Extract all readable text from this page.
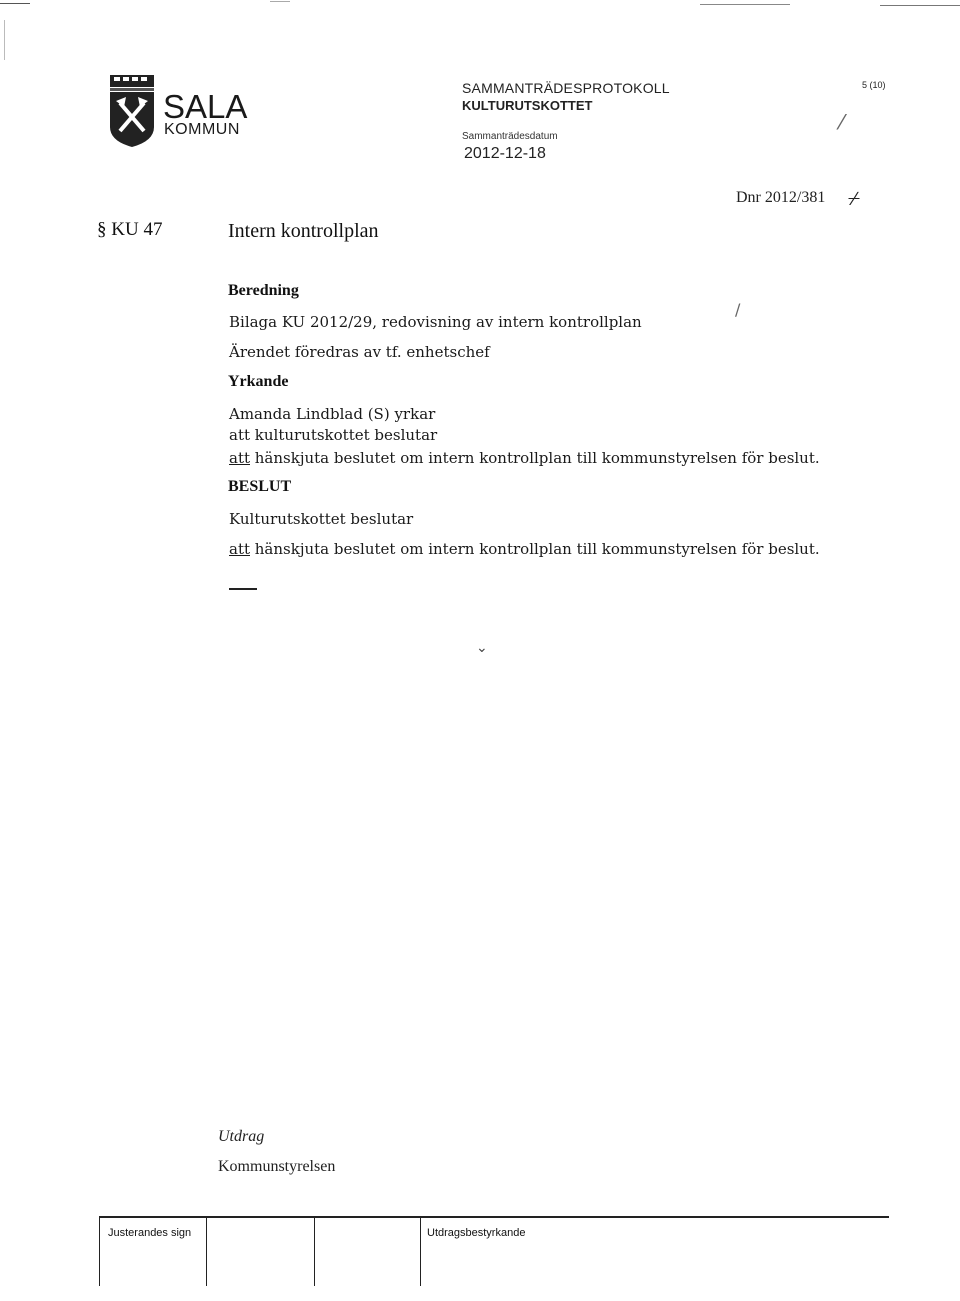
SALA
KOMMUN
SAMMANTRÄDESPROTOKOLL
KULTURUTSKOTTET
Sammanträdesdatum
2012-12-18
5 (10)
⁄
⌿
/
⌄
Dnr 2012/381
§ KU 47	Intern kontrollplan
Beredning
Bilaga KU 2012/29, redovisning av intern kontrollplan
Ärendet föredras av tf. enhetschef
Yrkande
Amanda Lindblad (S) yrkar
att kulturutskottet beslutar
att hänskjuta beslutet om intern kontrollplan till kommunstyrelsen för beslut.
BESLUT
Kulturutskottet beslutar
att hänskjuta beslutet om intern kontrollplan till kommunstyrelsen för beslut.
Utdrag
Kommunstyrelsen
Justerandes sign	Utdragsbestyrkande
